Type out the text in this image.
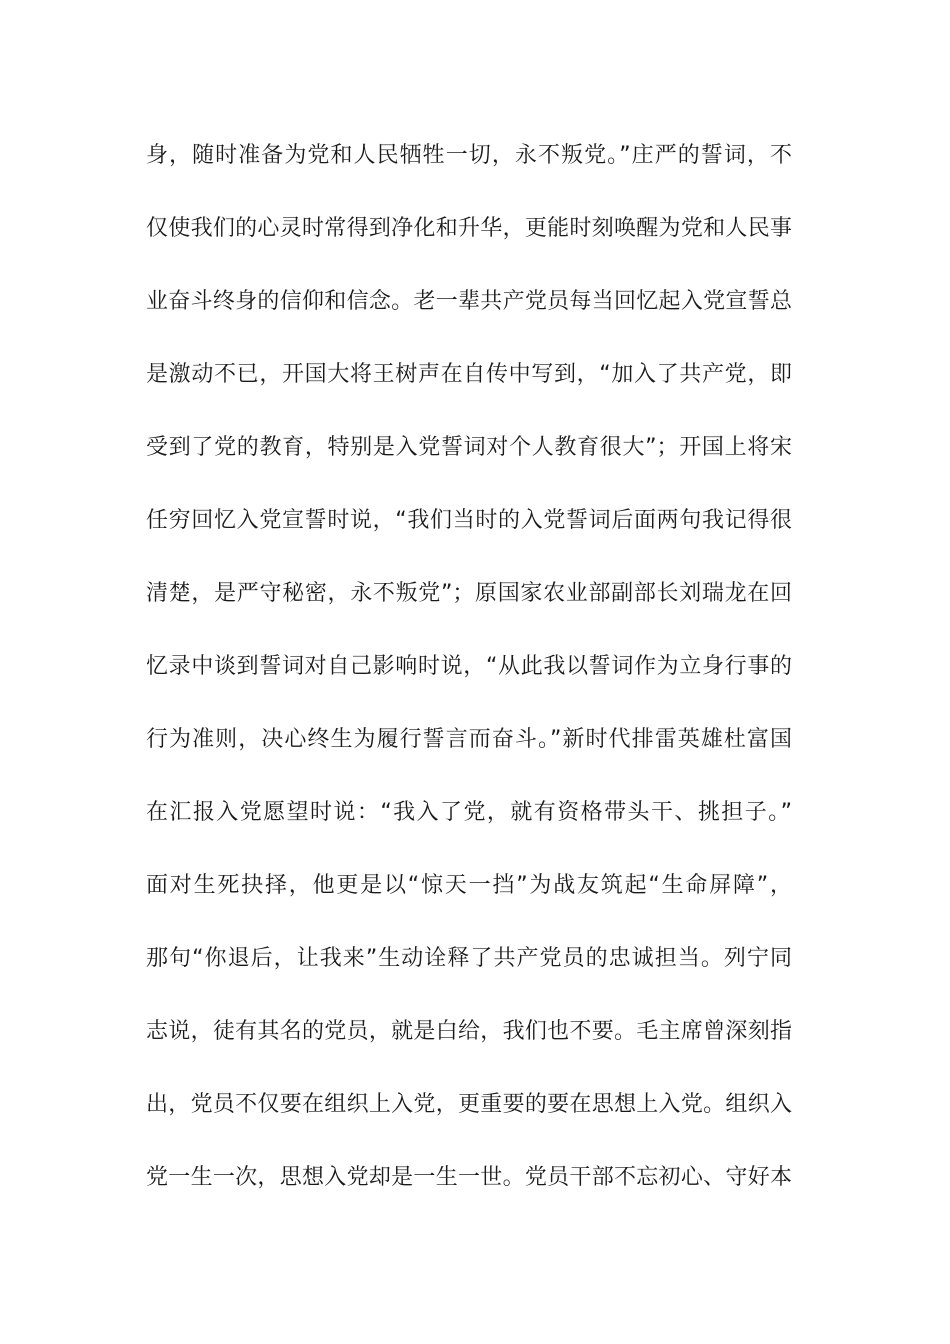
身，随时准备为党和人民牺牲一切，永不叛党。”庄严的誓词，不
仅使我们的心灵时常得到净化和升华，更能时刻唤醒为党和人民事
业奋斗终身的信仰和信念。老一辈共产党员每当回忆起入党宣誓总
是激动不已，开国大将王树声在自传中写到，“加入了共产党，即
受到了党的教育，特别是入党誓词对个人教育很大”；开国上将宋
任穷回忆入党宣誓时说，“我们当时的入党誓词后面两句我记得很
清楚，是严守秘密，永不叛党”；原国家农业部副部长刘瑞龙在回
忆录中谈到誓词对自己影响时说，“从此我以誓词作为立身行事的
行为准则，决心终生为履行誓言而奋斗。”新时代排雷英雄杜富国
在汇报入党愿望时说：“我入了党，就有资格带头干、挑担子。”
面对生死抉择，他更是以“惊天一挡”为战友筑起“生命屏障”，
那句“你退后，让我来”生动诠释了共产党员的忠诚担当。列宁同
志说，徒有其名的党员，就是白给，我们也不要。毛主席曾深刻指
出，党员不仅要在组织上入党，更重要的要在思想上入党。组织入
党一生一次，思想入党却是一生一世。党员干部不忘初心、守好本
